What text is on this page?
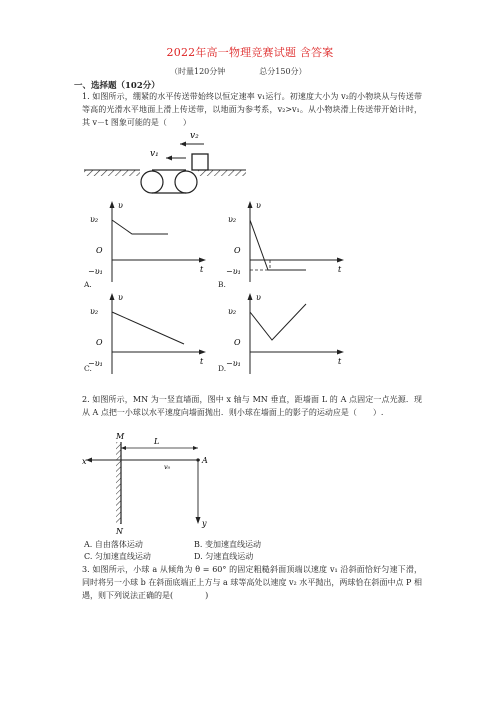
2022年高一物理竞赛试题 含答案
（时量120分钟	总分150分）
一、选择题（102分）
1. 如图所示，绷紧的水平传送带始终以恒定速率 v₁运行。初速度大小为 v₂的小物块从与传送带等高的光滑水平地面上滑上传送带，以地面为参考系，v₂>v₁。从小物块滑上传送带开始计时，其 v－t 图象可能的是（　　）
v₂
v₁
υ
υ₂
O
−υ₁	t
A.
υ
υ₂
O
−υ₁	t
B.
υ
υ₂
O
−υ₁	t
C.
υ
υ₂
O
−υ₁	t
D.
2. 如图所示，MN 为一竖直墙面，图中 x 轴与 MN 垂直，距墙面 L 的 A 点固定一点光源．现从 A 点把一小球以水平速度向墙面抛出．则小球在墙面上的影子的运动应是（　　）.
M
N
L
x
y
A
v₀
A. 自由落体运动	B. 变加速直线运动
C. 匀加速直线运动	D. 匀速直线运动
3. 如图所示，小球 a 从倾角为 θ = 60° 的固定粗糙斜面顶端以速度 v₁ 沿斜面恰好匀速下滑，同时将另一小球 b 在斜面底端正上方与 a 球等高处以速度 v₂ 水平抛出，两球恰在斜面中点 P 相遇，则下列说法正确的是(　　　　)
